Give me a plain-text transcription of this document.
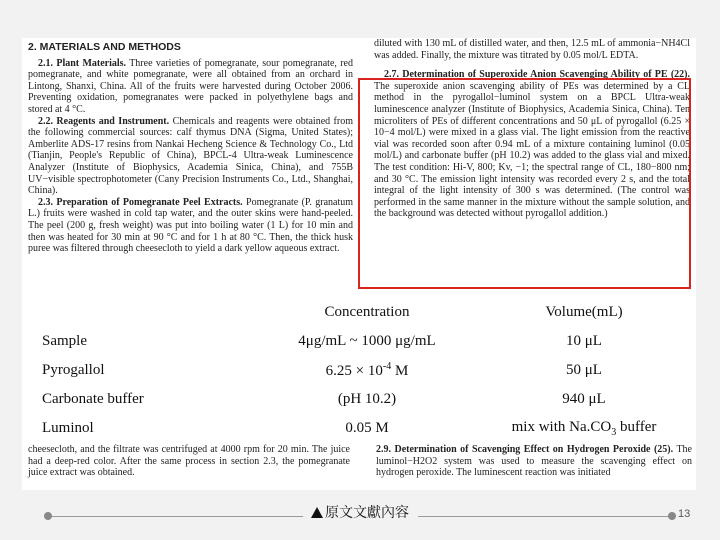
2. MATERIALS AND METHODS

2.1. Plant Materials. Three varieties of pomegranate, sour pomegranate, red pomegranate, and white pomegranate, were all obtained from an orchard in Lintong, Shanxi, China. All of the fruits were harvested during October 2006. Preventing oxidation, pomegranates were packed in polyethylene bags and stored at 4 °C.

2.2. Reagents and Instrument. Chemicals and reagents were obtained from the following commercial sources: calf thymus DNA (Sigma, United States); Amberlite ADS-17 resins from Nankai Hecheng Science & Technology Co., Ltd (Tianjin, People's Republic of China), BPCL-4 Ultra-weak Luminescence Analyzer (Institute of Biophysics, Academia Sinica, China), and 755B UV−visible spectrophotometer (Cany Precision Instruments Co., Ltd., Shanghai, China).

2.3. Preparation of Pomegranate Peel Extracts. Pomegranate (P. granatum L.) fruits were washed in cold tap water, and the outer skins were hand-peeled. The peel (200 g, fresh weight) was put into boiling water (1 L) for 10 min and then was heated for 30 min at 90 °C and for 1 h at 80 °C. Then, the thick husk puree was filtered through cheesecloth to yield a dark yellow aqueous extract.

diluted with 130 mL of distilled water, and then, 12.5 mL of ammonia−NH4Cl was added. Finally, the mixture was titrated by 0.05 mol/L EDTA.

2.7. Determination of Superoxide Anion Scavenging Ability of PE (22). The superoxide anion scavenging ability of PEs was determined by a CL method in the pyrogallol−luminol system on a BPCL Ultra-weak luminescence analyzer (Institute of Biophysics, Academia Sinica, China). Ten microliters of PEs of different concentrations and 50 μL of pyrogallol (6.25 × 10−4 mol/L) were mixed in a glass vial. The light emission from the reactive vial was recorded soon after 0.94 mL of a mixture containing luminol (0.05 mol/L) and carbonate buffer (pH 10.2) was added to the glass vial and mixed. The test condition: Hi-V, 800; Kv, −1; the spectral range of CL, 180−800 nm; and 30 °C. The emission light intensity was recorded every 2 s, and the total integral of the light intensity of 300 s was determined. (The control was performed in the same manner in the mixture without the sample solution, and the background was detected without pyrogallol addition.)

	Concentration	Volume(mL)
Sample	4μg/mL ~ 1000 μg/mL	10 μL
Pyrogallol	$6.25 \times 10^{-4}$ M	50 μL
Carbonate buffer	(pH 10.2)	940 μL
Luminol	0.05 M	mix with $Na.CO_3$ buffer

cheesecloth, and the filtrate was centrifuged at 4000 rpm for 20 min. The juice had a deep-red color. After the same process in section 2.3, the pomegranate juice extract was obtained.

2.9. Determination of Scavenging Effect on Hydrogen Peroxide (25). The luminol−H2O2 system was used to measure the scavenging effect on hydrogen peroxide. The luminescent reaction was initiated

原文文獻內容	13
